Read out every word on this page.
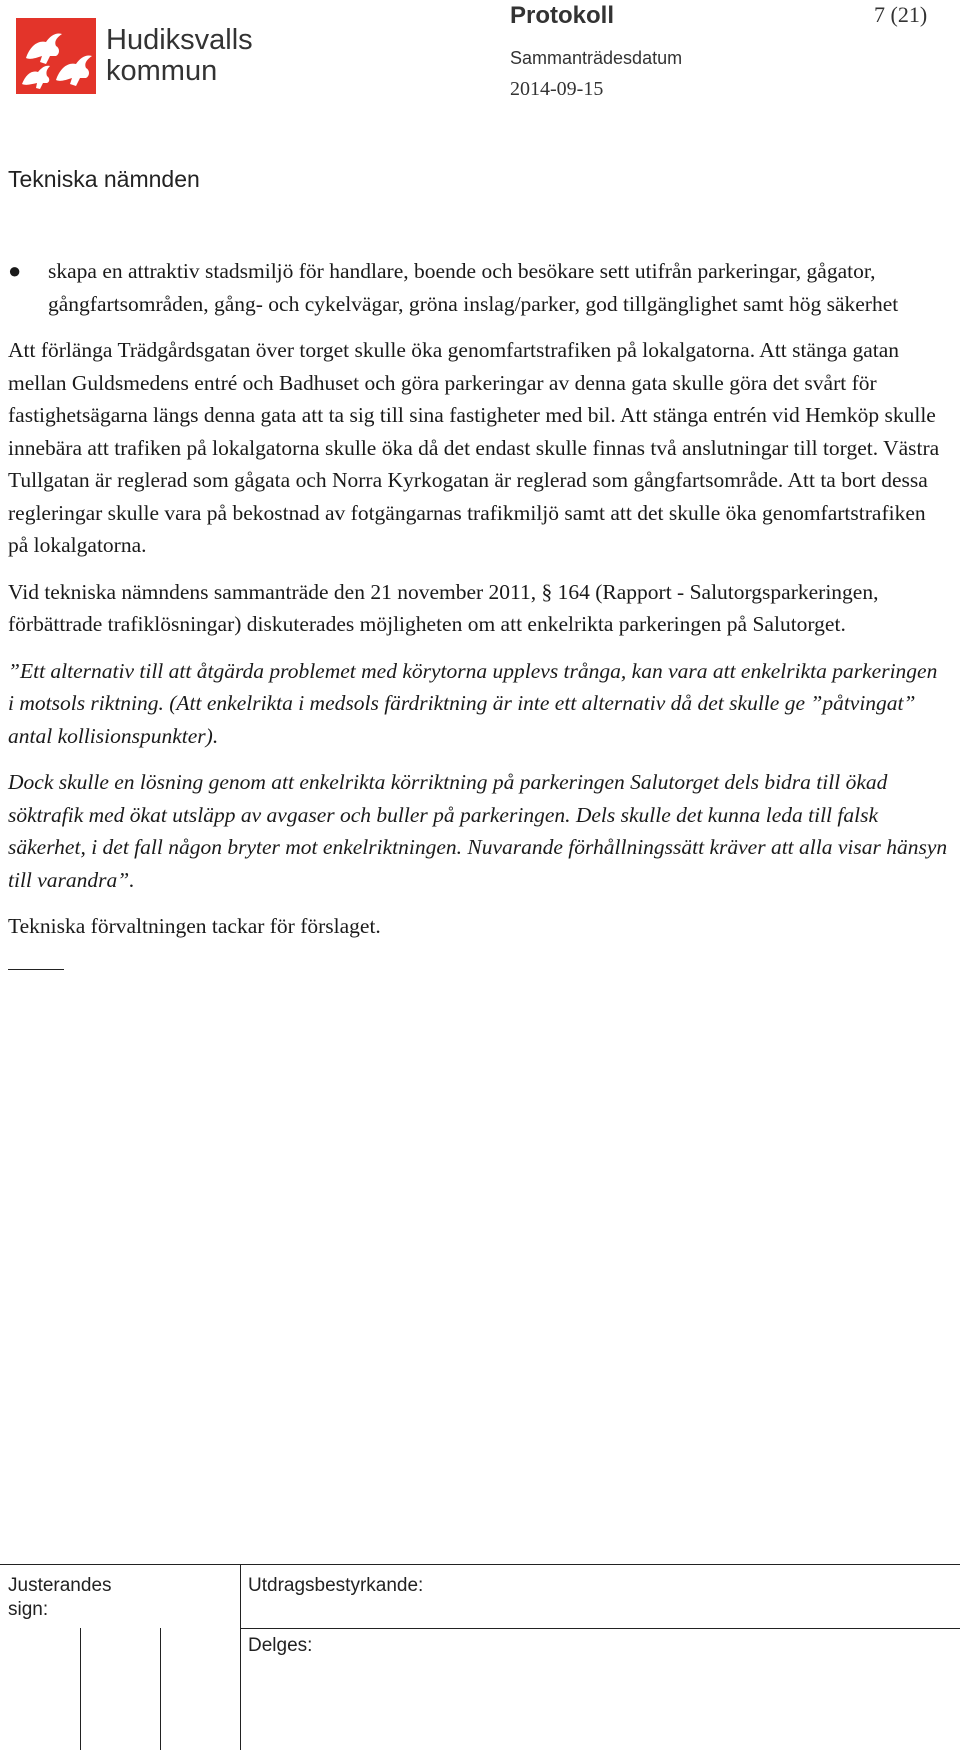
Hudiksvalls
kommun
Protokoll	7 (21)
Sammanträdesdatum
2014-09-15
Tekniska nämnden
●	skapa en attraktiv stadsmiljö för handlare, boende och besökare sett utifrån parkeringar, gågator, gångfartsområden, gång- och cykelvägar, gröna inslag/parker, god tillgänglighet samt hög säkerhet

Att förlänga Trädgårdsgatan över torget skulle öka genomfartstrafiken på lokalgatorna. Att stänga gatan mellan Guldsmedens entré och Badhuset och göra parkeringar av denna gata skulle göra det svårt för fastighetsägarna längs denna gata att ta sig till sina fastigheter med bil. Att stänga entrén vid Hemköp skulle innebära att trafiken på lokalgatorna skulle öka då det endast skulle finnas två anslutningar till torget. Västra Tullgatan är reglerad som gågata och Norra Kyrkogatan är reglerad som gångfartsområde. Att ta bort dessa regleringar skulle vara på bekostnad av fotgängarnas trafikmiljö samt att det skulle öka genomfartstrafiken på lokalgatorna.

Vid tekniska nämndens sammanträde den 21 november 2011, § 164 (Rapport - Salutorgsparkeringen, förbättrade trafiklösningar) diskuterades möjligheten om att enkelrikta parkeringen på Salutorget.

”Ett alternativ till att åtgärda problemet med körytorna upplevs trånga, kan vara att enkelrikta parkeringen i motsols riktning. (Att enkelrikta i medsols färdriktning är inte ett alternativ då det skulle ge ”påtvingat” antal kollisionspunkter).

Dock skulle en lösning genom att enkelrikta körriktning på parkeringen Salutorget dels bidra till ökad söktrafik med ökat utsläpp av avgaser och buller på parkeringen. Dels skulle det kunna leda till falsk säkerhet, i det fall någon bryter mot enkelriktningen. Nuvarande förhållningssätt kräver att alla visar hänsyn till varandra”.

Tekniska förvaltningen tackar för förslaget.

Justerandes sign:
Utdragsbestyrkande:
Delges:
